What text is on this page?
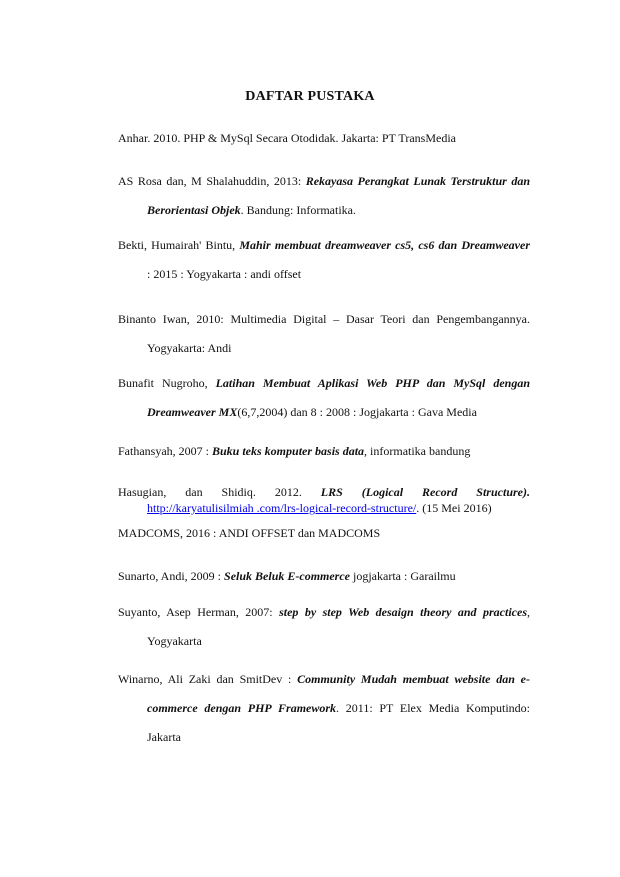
DAFTAR PUSTAKA
Anhar. 2010. PHP & MySql Secara Otodidak. Jakarta: PT TransMedia
AS Rosa dan, M Shalahuddin, 2013: Rekayasa Perangkat Lunak Terstruktur dan
Berorientasi Objek. Bandung: Informatika.
Bekti, Humairah' Bintu, Mahir membuat dreamweaver cs5, cs6 dan Dreamweaver
: 2015 : Yogyakarta : andi offset
Binanto Iwan, 2010: Multimedia Digital – Dasar Teori dan Pengembangannya.
Yogyakarta: Andi
Bunafit Nugroho, Latihan Membuat Aplikasi Web PHP dan MySql dengan
Dreamweaver MX(6,7,2004) dan 8 : 2008 : Jogjakarta : Gava Media
Fathansyah, 2007 : Buku teks komputer basis data, informatika bandung
Hasugian, dan Shidiq. 2012. LRS (Logical Record Structure).
http://karyatulisilmiah .com/lrs-logical-record-structure/. (15 Mei 2016)
MADCOMS, 2016 : ANDI OFFSET dan MADCOMS
Sunarto, Andi, 2009 : Seluk Beluk E-commerce jogjakarta : Garailmu
Suyanto, Asep Herman, 2007: step by step Web desaign theory and practices,
Yogyakarta
Winarno, Ali Zaki dan SmitDev : Community Mudah membuat website dan e-
commerce dengan PHP Framework. 2011: PT Elex Media Komputindo:
Jakarta
